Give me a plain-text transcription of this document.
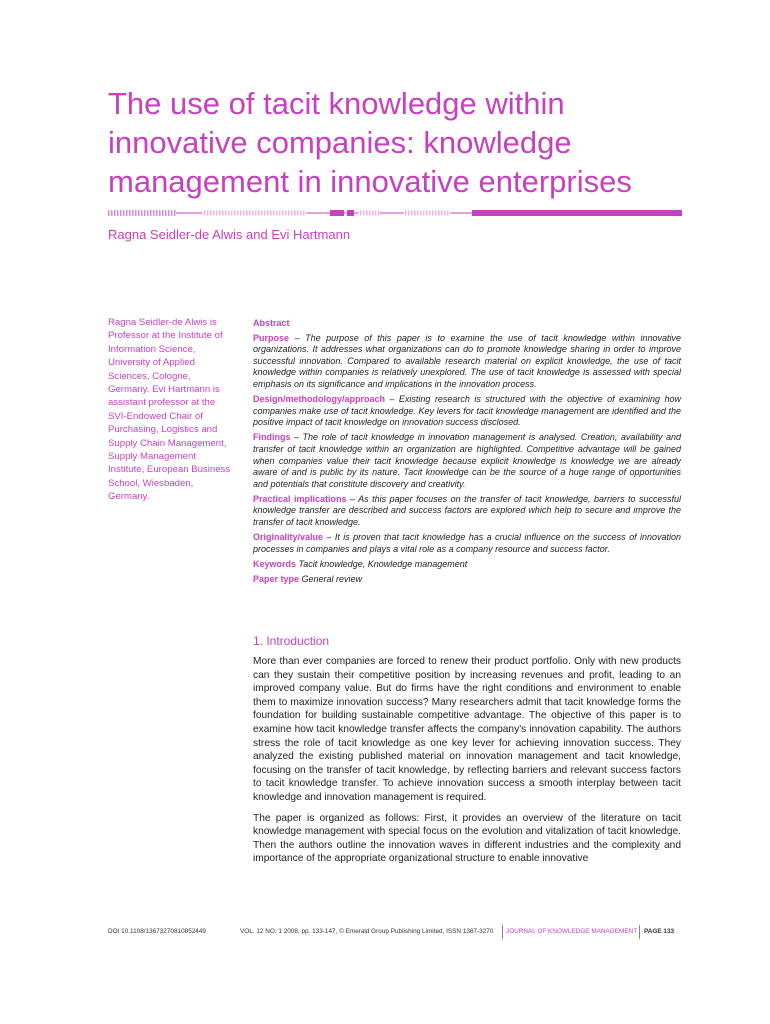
The use of tacit knowledge within innovative companies: knowledge management in innovative enterprises
Ragna Seidler-de Alwis and Evi Hartmann
Ragna Seidler-de Alwis is Professor at the Institute of Information Science, University of Applied Sciences, Cologne, Germany. Evi Hartmann is assistant professor at the SVI-Endowed Chair of Purchasing, Logistics and Supply Chain Management, Supply Management Institute, European Business School, Wiesbaden, Germany.
Abstract
Purpose – The purpose of this paper is to examine the use of tacit knowledge within innovative organizations. It addresses what organizations can do to promote knowledge sharing in order to improve successful innovation. Compared to available research material on explicit knowledge, the use of tacit knowledge within companies is relatively unexplored. The use of tacit knowledge is assessed with special emphasis on its significance and implications in the innovation process.
Design/methodology/approach – Existing research is structured with the objective of examining how companies make use of tacit knowledge. Key levers for tacit knowledge management are identified and the positive impact of tacit knowledge on innovation success disclosed.
Findings – The role of tacit knowledge in innovation management is analysed. Creation, availability and transfer of tacit knowledge within an organization are highlighted. Competitive advantage will be gained when companies value their tacit knowledge because explicit knowledge is knowledge we are already aware of and is public by its nature. Tacit knowledge can be the source of a huge range of opportunities and potentials that constitute discovery and creativity.
Practical implications – As this paper focuses on the transfer of tacit knowledge, barriers to successful knowledge transfer are described and success factors are explored which help to secure and improve the transfer of tacit knowledge.
Originality/value – It is proven that tacit knowledge has a crucial influence on the success of innovation processes in companies and plays a vital role as a company resource and success factor.
Keywords Tacit knowledge, Knowledge management
Paper type General review
1. Introduction

More than ever companies are forced to renew their product portfolio. Only with new products can they sustain their competitive position by increasing revenues and profit, leading to an improved company value. But do firms have the right conditions and environment to enable them to maximize innovation success? Many researchers admit that tacit knowledge forms the foundation for building sustainable competitive advantage. The objective of this paper is to examine how tacit knowledge transfer affects the company's innovation capability. The authors stress the role of tacit knowledge as one key lever for achieving innovation success. They analyzed the existing published material on innovation management and tacit knowledge, focusing on the transfer of tacit knowledge, by reflecting barriers and relevant success factors to tacit knowledge transfer. To achieve innovation success a smooth interplay between tacit knowledge and innovation management is required.

The paper is organized as follows: First, it provides an overview of the literature on tacit knowledge management with special focus on the evolution and vitalization of tacit knowledge. Then the authors outline the innovation waves in different industries and the complexity and importance of the appropriate organizational structure to enable innovative

DOI 10.1108/13673270810852449	VOL. 12 NO. 1 2008, pp. 133-147, © Emerald Group Publishing Limited, ISSN 1367-3270 JOURNAL OF KNOWLEDGE MANAGEMENT PAGE 133
